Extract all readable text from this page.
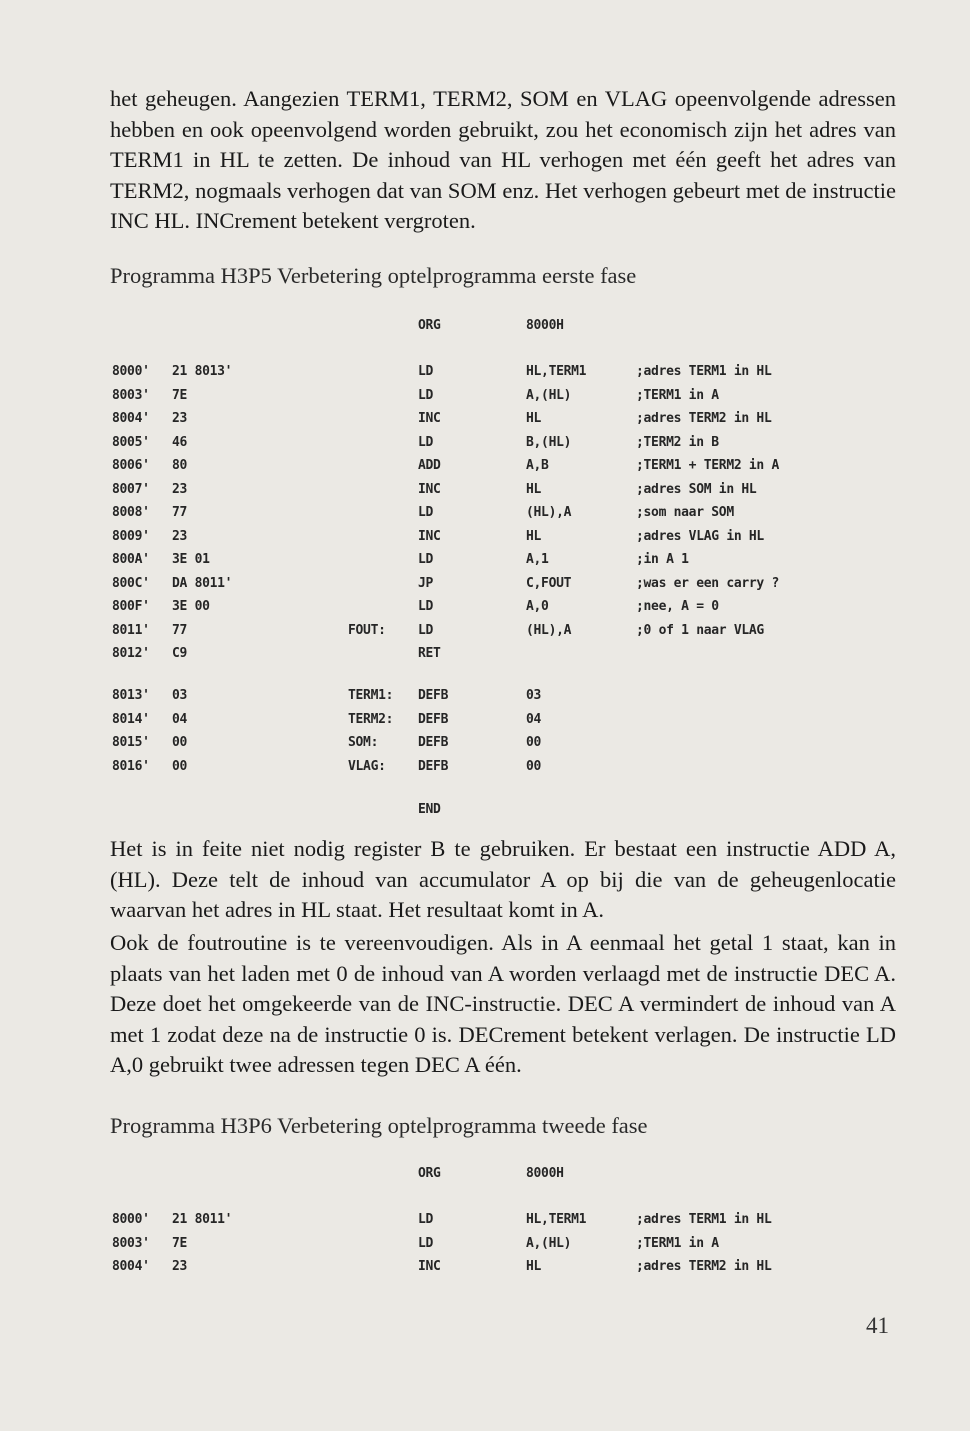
het geheugen. Aangezien TERM1, TERM2, SOM en VLAG opeenvolgende adressen hebben en ook opeenvolgend worden gebruikt, zou het economisch zijn het adres van TERM1 in HL te zetten. De inhoud van HL verhogen met één geeft het adres van TERM2, nogmaals verhogen dat van SOM enz. Het verhogen gebeurt met de instructie INC HL. INCrement betekent vergroten.

Programma H3P5 Verbetering optelprogramma eerste fase
ORG	8000H
8000' 21 8013'	LD	HL,TERM1	;adres TERM1 in HL
8003' 7E	LD	A,(HL)	;TERM1 in A
8004' 23	INC	HL	;adres TERM2 in HL
8005' 46	LD	B,(HL)	;TERM2 in B
8006' 80	ADD	A,B	;TERM1 + TERM2 in A
8007' 23	INC	HL	;adres SOM in HL
8008' 77	LD	(HL),A	;som naar SOM
8009' 23	INC	HL	;adres VLAG in HL
800A' 3E 01	LD	A,1	;in A 1
800C' DA 8011'	JP	C,FOUT	;was er een carry ?
800F' 3E 00	LD	A,0	;nee, A = 0
8011' 77	FOUT: LD	(HL),A	;0 of 1 naar VLAG
8012' C9	RET
8013' 03	TERM1: DEFB	03
8014' 04	TERM2: DEFB	04
8015' 00	SOM:	DEFB	00
8016' 00	VLAG: DEFB	00
END

Het is in feite niet nodig register B te gebruiken. Er bestaat een instructie ADD A,(HL). Deze telt de inhoud van accumulator A op bij die van de geheugenlocatie waarvan het adres in HL staat. Het resultaat komt in A.

Ook de foutroutine is te vereenvoudigen. Als in A eenmaal het getal 1 staat, kan in plaats van het laden met 0 de inhoud van A worden verlaagd met de instructie DEC A. Deze doet het omgekeerde van de INC-instructie. DEC A vermindert de inhoud van A met 1 zodat deze na de instructie 0 is. DECrement betekent verlagen. De instructie LD A,0 gebruikt twee adressen tegen DEC A één.

Programma H3P6 Verbetering optelprogramma tweede fase
ORG	8000H
8000' 21 8011'	LD	HL,TERM1	;adres TERM1 in HL
8003' 7E	LD	A,(HL)	;TERM1 in A
8004' 23	INC	HL	;adres TERM2 in HL
41
